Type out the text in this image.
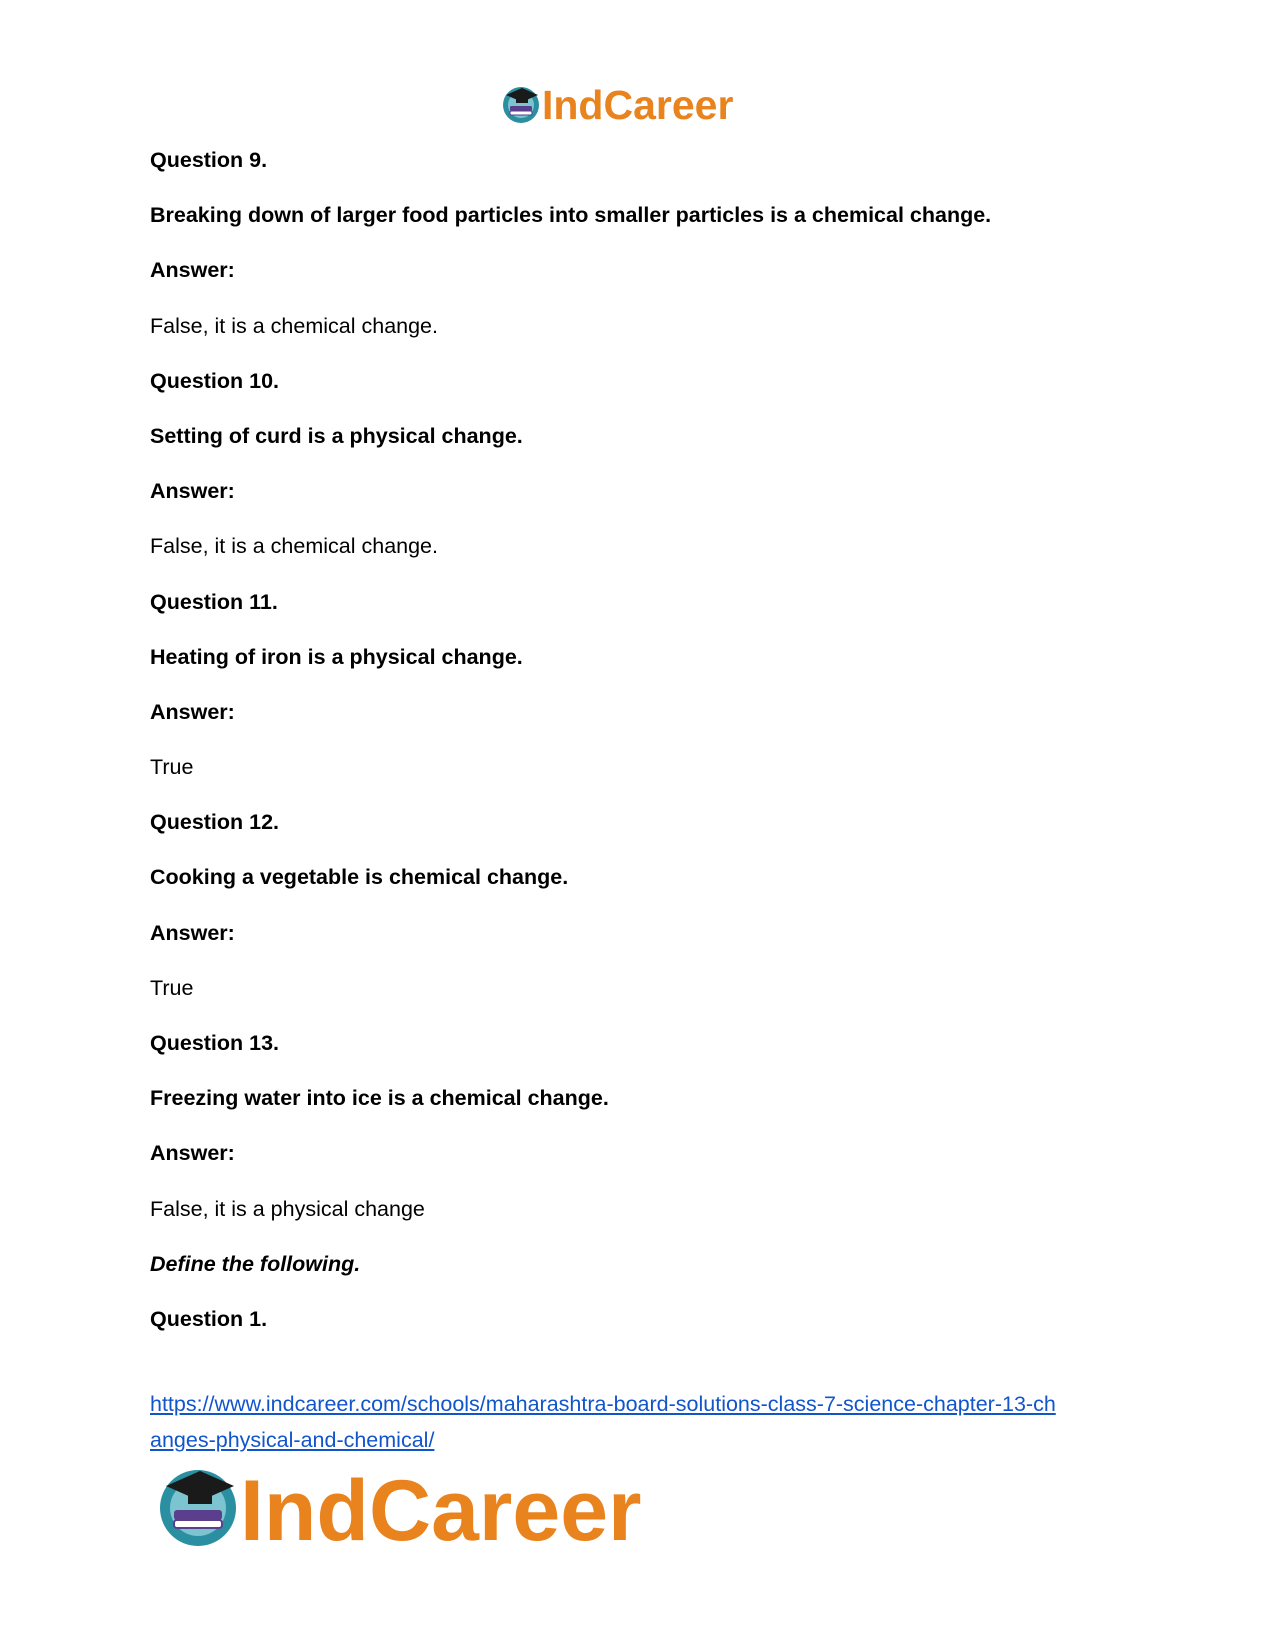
IndCareer
Question 9.
Breaking down of larger food particles into smaller particles is a chemical change.
Answer:
False, it is a chemical change.
Question 10.
Setting of curd is a physical change.
Answer:
False, it is a chemical change.
Question 11.
Heating of iron is a physical change.
Answer:
True
Question 12.
Cooking a vegetable is chemical change.
Answer:
True
Question 13.
Freezing water into ice is a chemical change.
Answer:
False, it is a physical change
Define the following.
Question 1.
https://www.indcareer.com/schools/maharashtra-board-solutions-class-7-science-chapter-13-ch
anges-physical-and-chemical/
IndCareer
